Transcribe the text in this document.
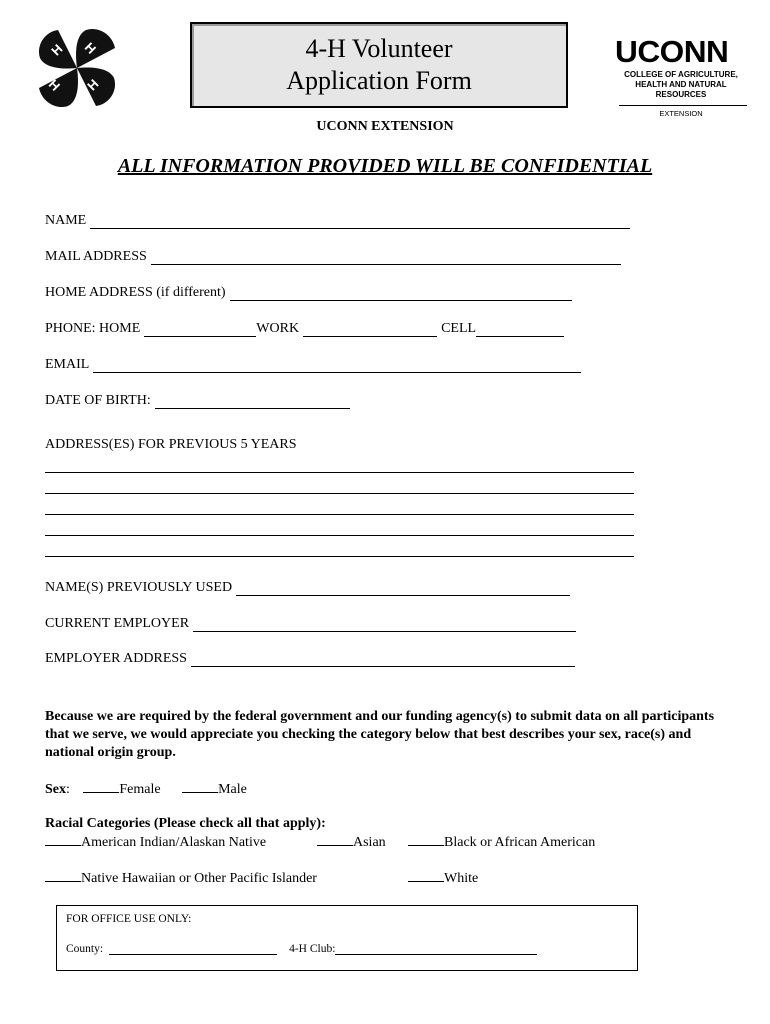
H H
H
H
4-H Volunteer
Application Form
UCONN
COLLEGE OF AGRICULTURE,
HEALTH AND NATURAL
RESOURCES
EXTENSION
UCONN EXTENSION
ALL INFORMATION PROVIDED WILL BE CONFIDENTIAL
NAME
MAIL ADDRESS
HOME ADDRESS (if different)
PHONE: HOME	WORK	CELL
EMAIL
DATE OF BIRTH:
ADDRESS(ES) FOR PREVIOUS 5 YEARS
NAME(S) PREVIOUSLY USED
CURRENT EMPLOYER
EMPLOYER ADDRESS
Because we are required by the federal government and our funding agency(s) to submit data on all participants that we serve, we would appreciate you checking the category below that best describes your sex, race(s) and national origin group.
Sex:	Female	Male
Racial Categories (Please check all that apply):
American Indian/Alaskan Native	Asian	Black or African American
Native Hawaiian or Other Pacific Islander	White
FOR OFFICE USE ONLY:
County:	4-H Club:
